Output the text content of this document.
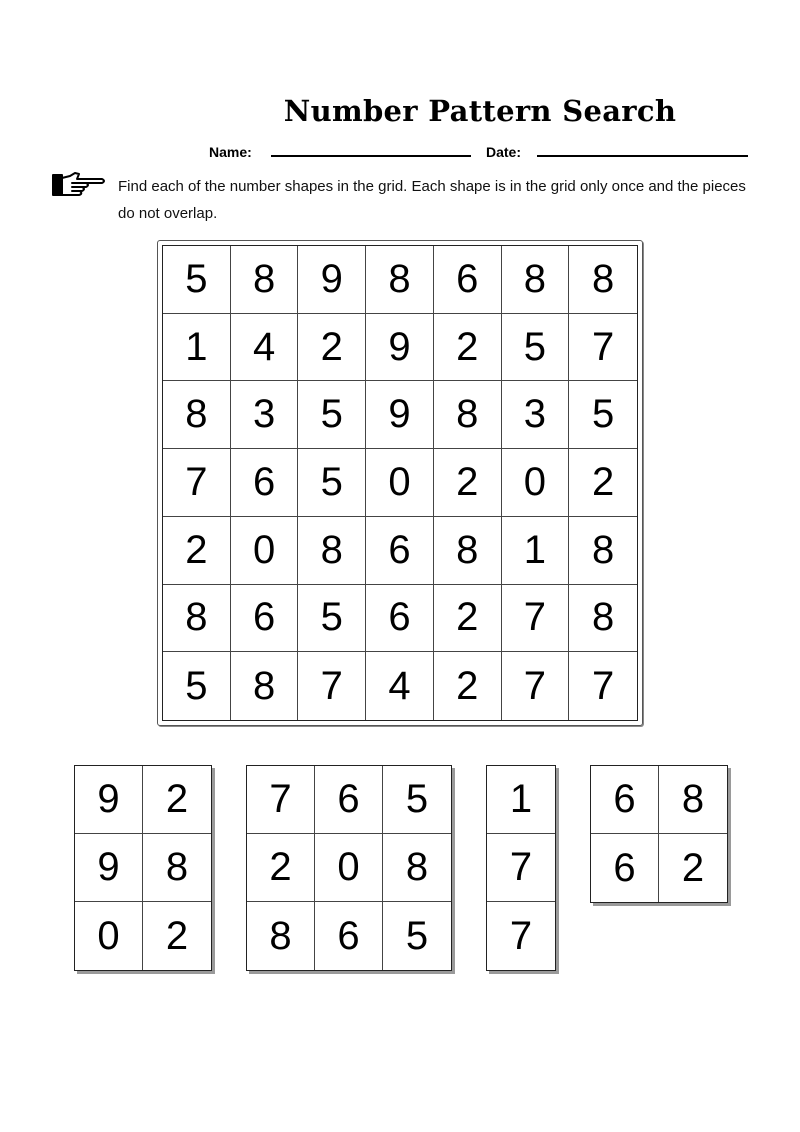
Number Pattern Search
Name:	Date:
Find each of the number shapes in the grid. Each shape is in the grid only once and the pieces do not overlap.
5	8	9	8	6	8	8
1	4	2	9	2	5	7
8	3	5	9	8	3	5
7	6	5	0	2	0	2
2	0	8	6	8	1	8
8	6	5	6	2	7	8
5	8	7	4	2	7	7
9	2
9	8
0	2
7	6	5
2	0	8
8	6	5
1
7
7
6	8
6	2
